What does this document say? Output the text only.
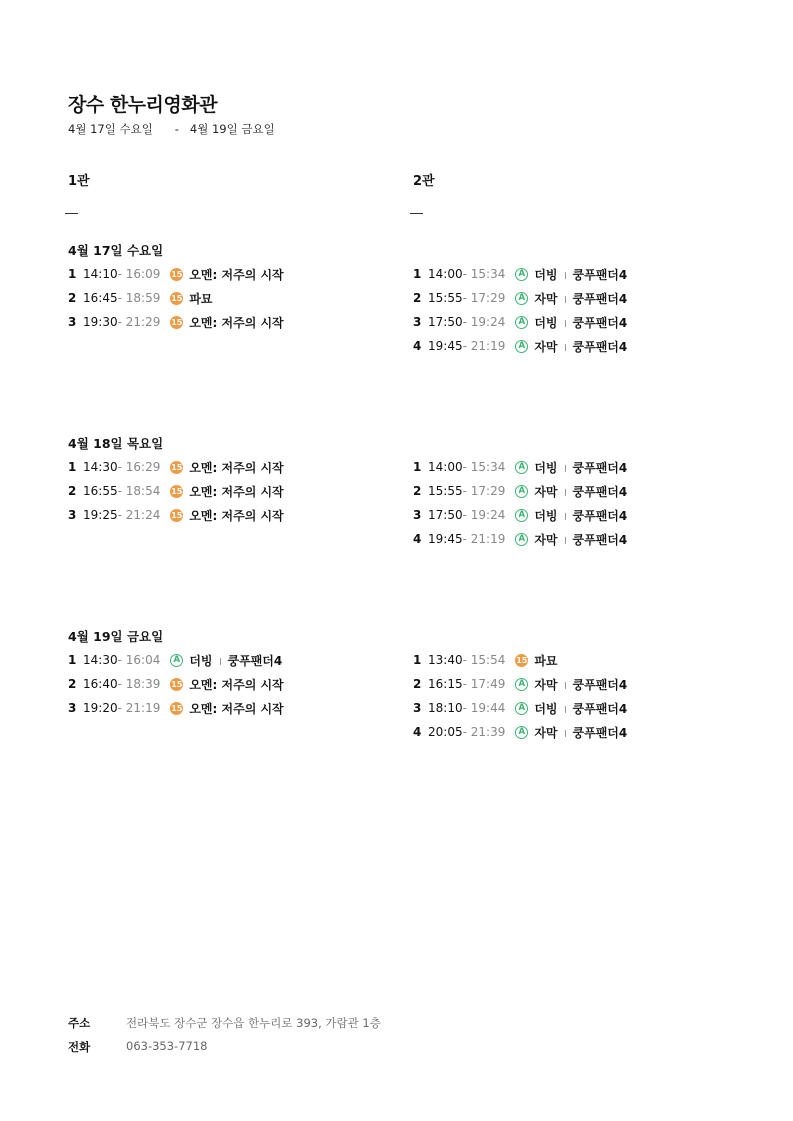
장수 한누리영화관
4월 17일 수요일 - 4월 19일 금요일
1관	2관
4월 17일 수요일
1 14:10 - 16:09 15 오멘: 저주의 시작
2 16:45 - 18:59 15 파묘
3 19:30 - 21:29 15 오멘: 저주의 시작
1 14:00 - 15:34	A 더빙 쿵푸팬더4
2 15:55 - 17:29	A 자막 쿵푸팬더4
3 17:50 - 19:24	A 더빙 쿵푸팬더4
4 19:45 - 21:19	A 자막 쿵푸팬더4
4월 18일 목요일
1 14:30 - 16:29 15 오멘: 저주의 시작
2 16:55 - 18:54 15 오멘: 저주의 시작
3 19:25 - 21:24 15 오멘: 저주의 시작
1 14:00 - 15:34	A 더빙 쿵푸팬더4
2 15:55 - 17:29	A 자막 쿵푸팬더4
3 17:50 - 19:24	A 더빙 쿵푸팬더4
4 19:45 - 21:19	A 자막 쿵푸팬더4
4월 19일 금요일
1 14:30 - 16:04	A 더빙 쿵푸팬더4
2 16:40 - 18:39 15 오멘: 저주의 시작
3 19:20 - 21:19 15 오멘: 저주의 시작
1 13:40 - 15:54 15 파묘
2 16:15 - 17:49	A 자막 쿵푸팬더4
3 18:10 - 19:44	A 더빙 쿵푸팬더4
4 20:05 - 21:39	A 자막 쿵푸팬더4
주소	전라북도 장수군 장수읍 한누리로 393, 가람관 1층
전화	063-353-7718
